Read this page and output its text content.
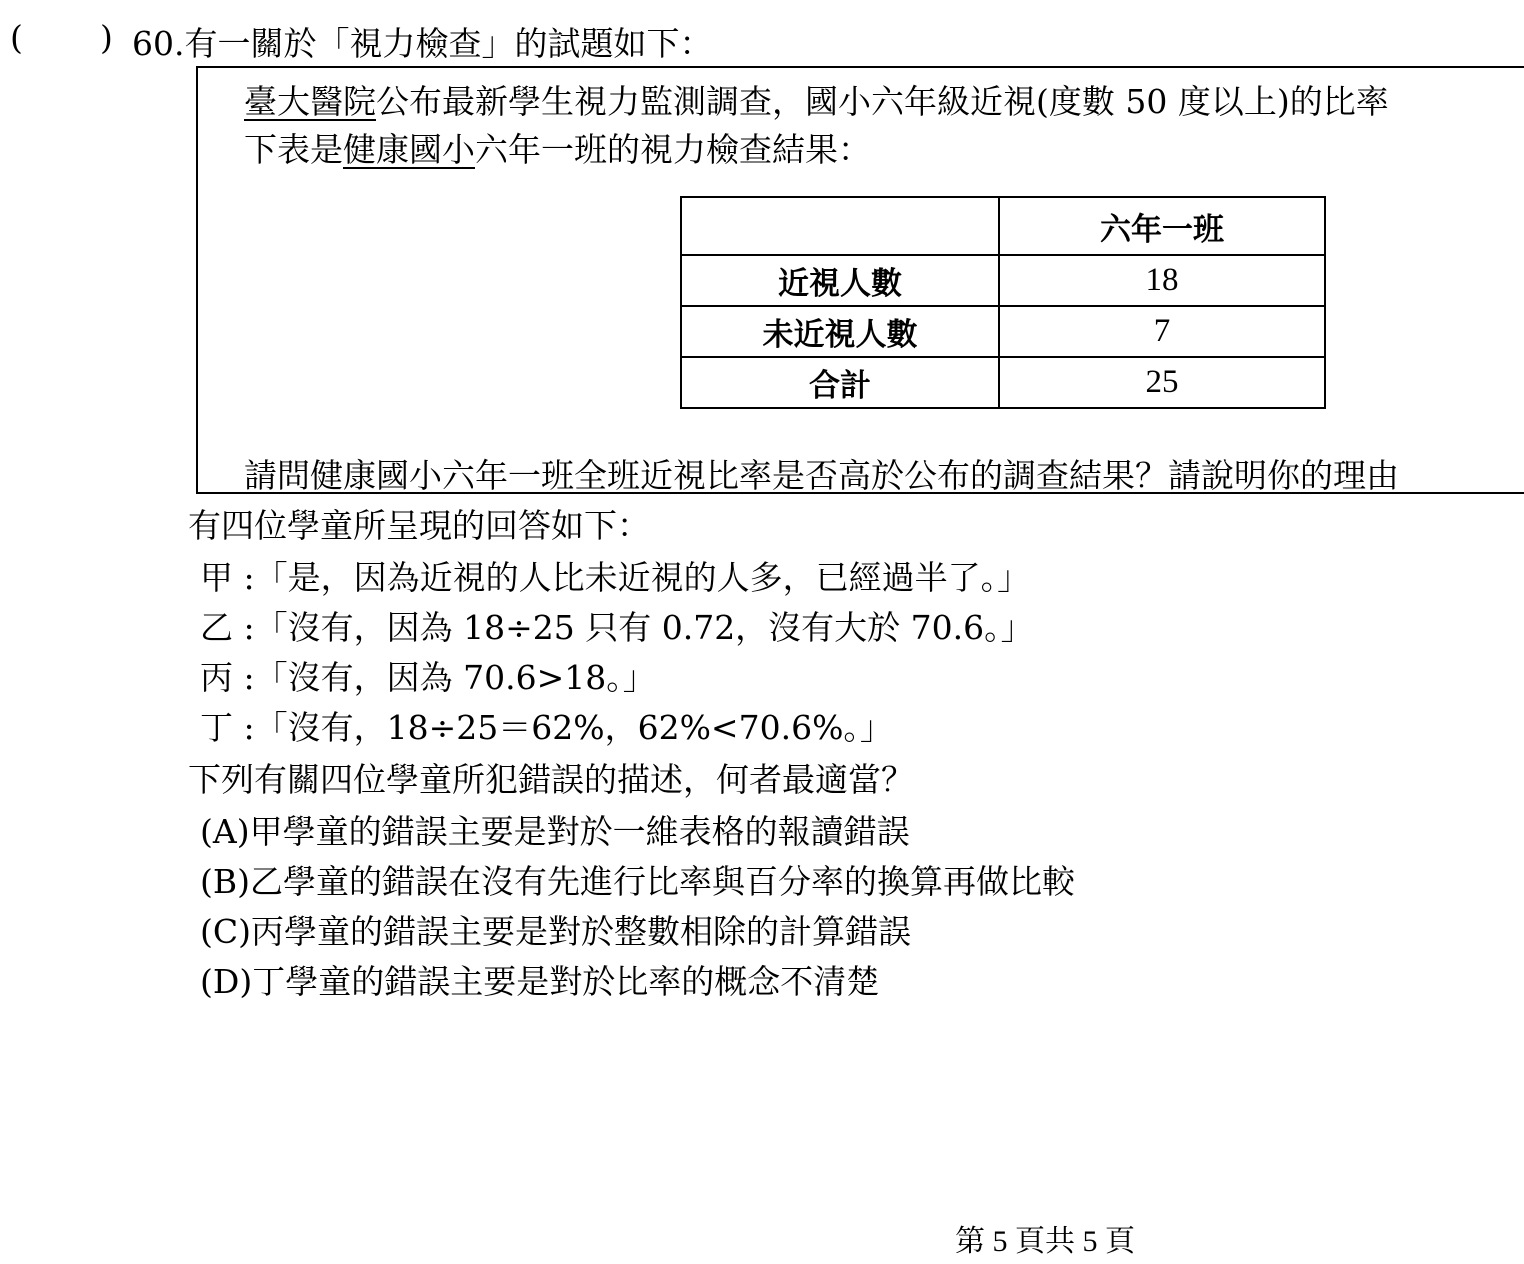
( ) 60.有一關於「視力檢查」的試題如下：
臺大醫院公布最新學生視力監測調查，國小六年級近視(度數 50 度以上)的比率
下表是健康國小六年一班的視力檢查結果：
	六年一班
近視人數	18
未近視人數	7
合計	25
請問健康國小六年一班全班近視比率是否高於公布的調查結果？請說明你的理由
有四位學童所呈現的回答如下：
甲 :「是，因為近視的人比未近視的人多，已經過半了。」
乙 :「沒有，因為 18÷25 只有 0.72，沒有大於 70.6。」
丙 :「沒有，因為 70.6>18。」
丁 :「沒有，18÷25＝62%，62%<70.6%。」
下列有關四位學童所犯錯誤的描述，何者最適當？
(A)甲學童的錯誤主要是對於一維表格的報讀錯誤
(B)乙學童的錯誤在沒有先進行比率與百分率的換算再做比較
(C)丙學童的錯誤主要是對於整數相除的計算錯誤
(D)丁學童的錯誤主要是對於比率的概念不清楚
第 5 頁共 5 頁
